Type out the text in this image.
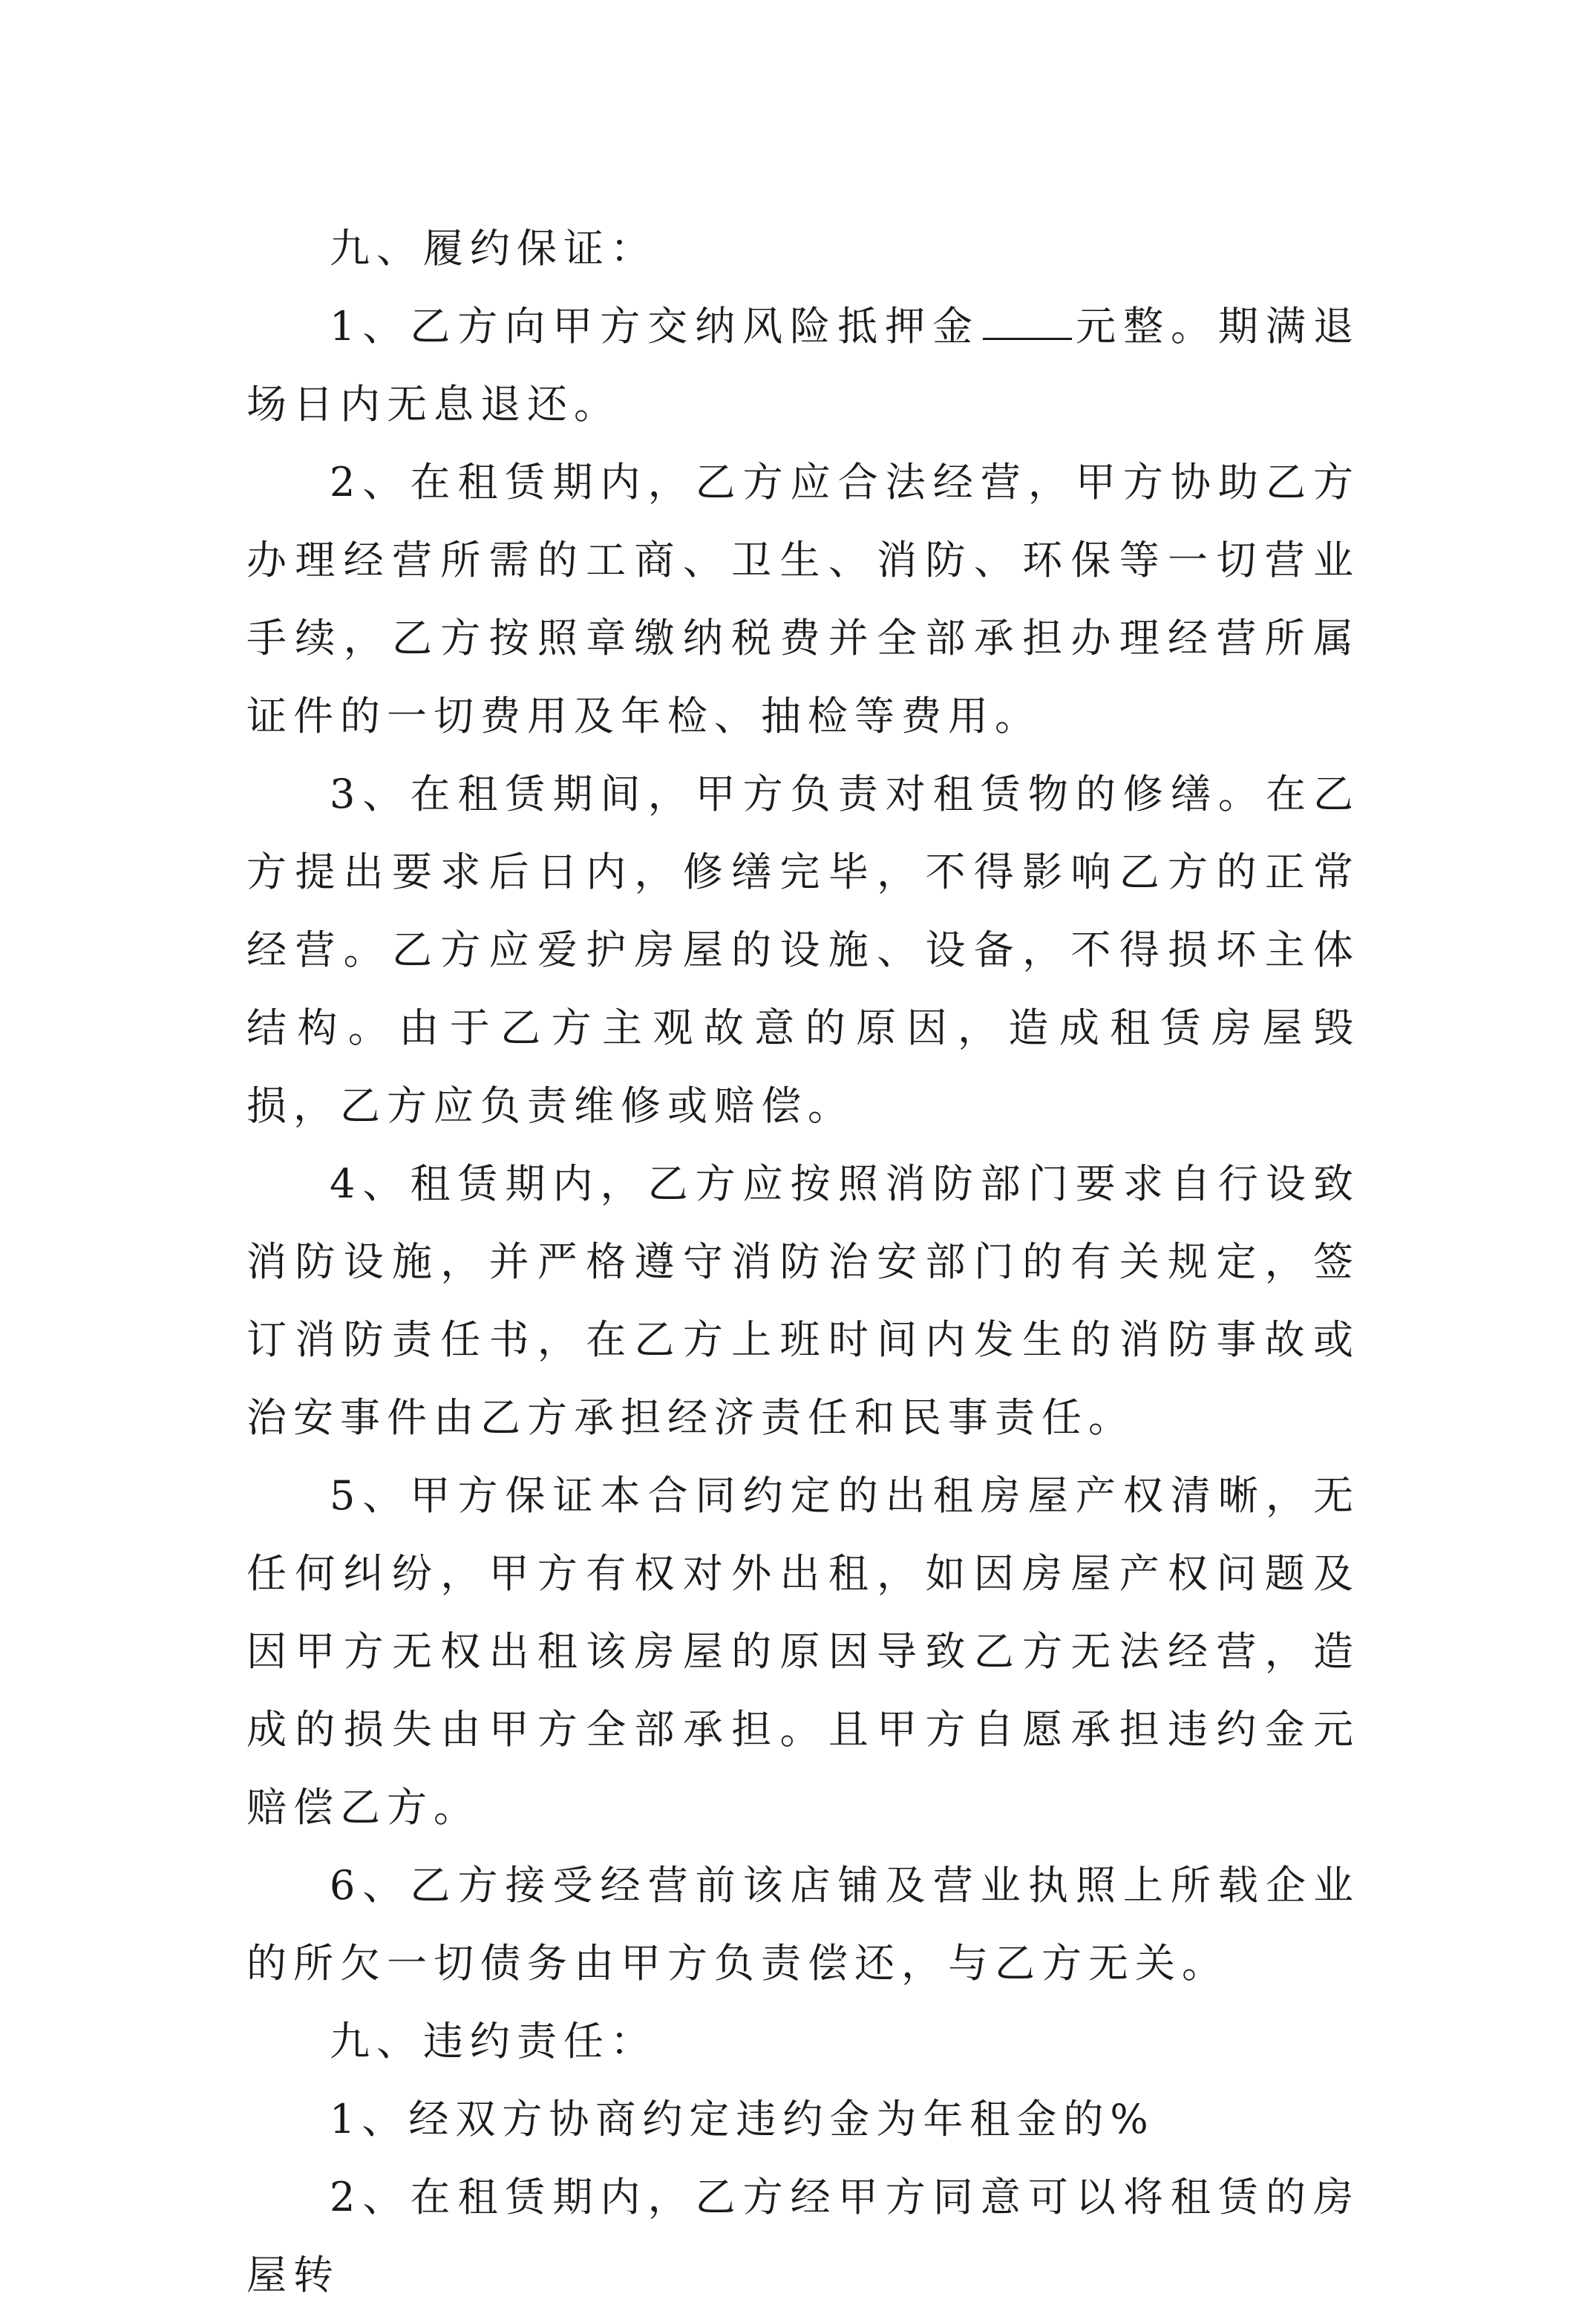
九、履约保证：

1、乙方向甲方交纳风险抵押金 元整。期满退场日内无息退还。

2、在租赁期内，乙方应合法经营，甲方协助乙方办理经营所需的工商、卫生、消防、环保等一切营业手续，乙方按照章缴纳税费并全部承担办理经营所属证件的一切费用及年检、抽检等费用。

3、在租赁期间，甲方负责对租赁物的修缮。在乙方提出要求后日内，修缮完毕，不得影响乙方的正常经营。乙方应爱护房屋的设施、设备，不得损坏主体结构。由于乙方主观故意的原因，造成租赁房屋毁损，乙方应负责维修或赔偿。

4、租赁期内，乙方应按照消防部门要求自行设致消防设施，并严格遵守消防治安部门的有关规定，签订消防责任书，在乙方上班时间内发生的消防事故或治安事件由乙方承担经济责任和民事责任。

5、甲方保证本合同约定的出租房屋产权清晰，无任何纠纷，甲方有权对外出租，如因房屋产权问题及因甲方无权出租该房屋的原因导致乙方无法经营，造成的损失由甲方全部承担。且甲方自愿承担违约金元赔偿乙方。

6、乙方接受经营前该店铺及营业执照上所载企业的所欠一切债务由甲方负责偿还，与乙方无关。

九、违约责任：

1、经双方协商约定违约金为年租金的%

2、在租赁期内，乙方经甲方同意可以将租赁的房屋转
